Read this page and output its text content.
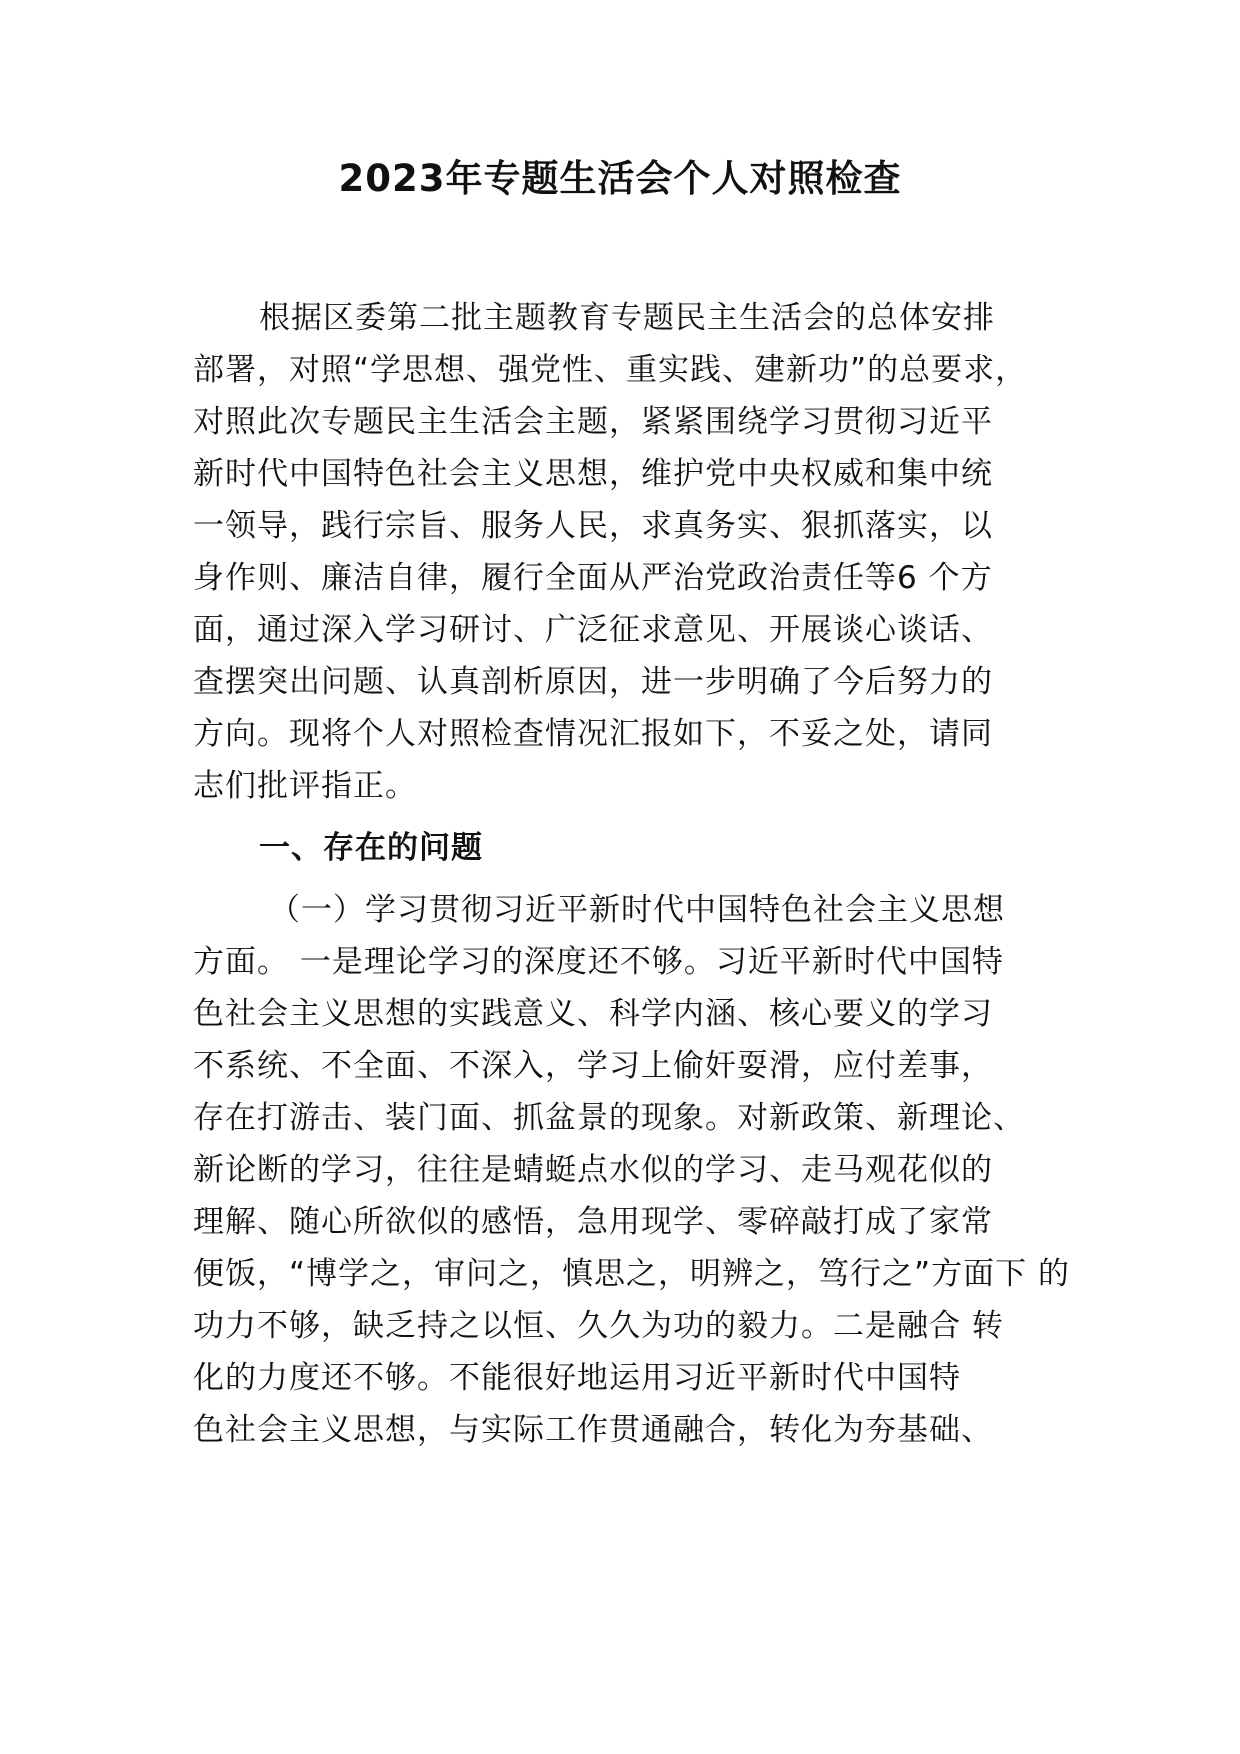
2023年专题生活会个人对照检查
根据区委第二批主题教育专题民主生活会的总体安排
部署，对照“学思想、强党性、重实践、建新功”的总要求，
对照此次专题民主生活会主题，紧紧围绕学习贯彻习近平
新时代中国特色社会主义思想，维护党中央权威和集中统
一领导，践行宗旨、服务人民，求真务实、狠抓落实，以
身作则、廉洁自律，履行全面从严治党政治责任等6 个方
面，通过深入学习研讨、广泛征求意见、开展谈心谈话、
查摆突出问题、认真剖析原因，进一步明确了今后努力的
方向。现将个人对照检查情况汇报如下，不妥之处，请同
志们批评指正。
一、存在的问题
（一）学习贯彻习近平新时代中国特色社会主义思想
方面。 一是理论学习的深度还不够。习近平新时代中国特
色社会主义思想的实践意义、科学内涵、核心要义的学习
不系统、不全面、不深入，学习上偷奸耍滑，应付差事，
存在打游击、装门面、抓盆景的现象。对新政策、新理论、
新论断的学习，往往是蜻蜓点水似的学习、走马观花似的
理解、随心所欲似的感悟，急用现学、零碎敲打成了家常
便饭，“博学之，审问之，慎思之，明辨之，笃行之”方面下 的
功力不够，缺乏持之以恒、久久为功的毅力。二是融合 转
化的力度还不够。不能很好地运用习近平新时代中国特
色社会主义思想，与实际工作贯通融合，转化为夯基础、
